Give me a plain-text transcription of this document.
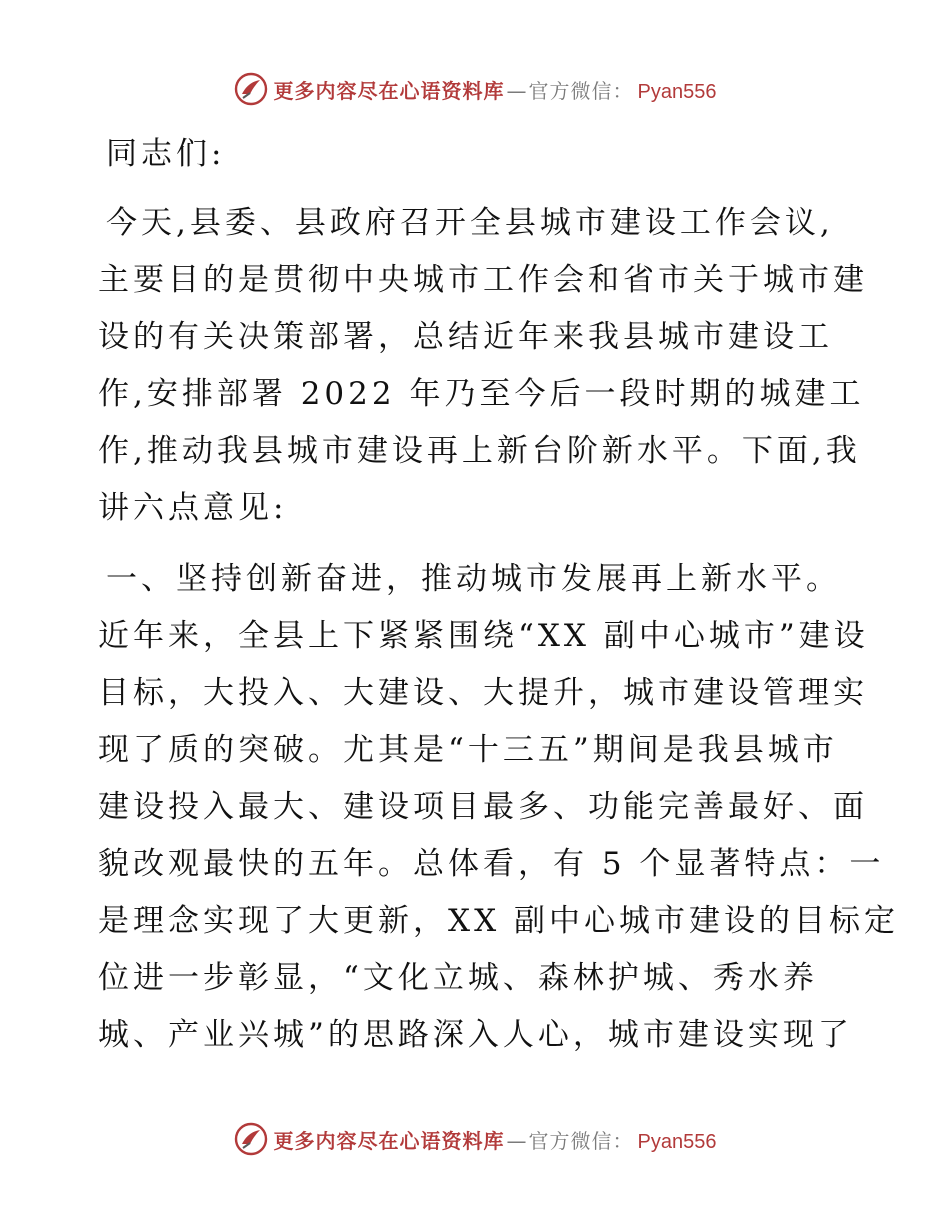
更多内容尽在心语资料库 — 官方微信： Pyan556
同志们:
今天,县委、县政府召开全县城市建设工作会议,
主要目的是贯彻中央城市工作会和省市关于城市建
设的有关决策部署，总结近年来我县城市建设工
作,安排部署 2022 年乃至今后一段时期的城建工
作,推动我县城市建设再上新台阶新水平。下面,我
讲六点意见:
一、坚持创新奋进，推动城市发展再上新水平。
近年来，全县上下紧紧围绕“XX 副中心城市”建设
目标，大投入、大建设、大提升，城市建设管理实
现了质的突破。尤其是“十三五”期间是我县城市
建设投入最大、建设项目最多、功能完善最好、面
貌改观最快的五年。总体看，有 5 个显著特点：一
是理念实现了大更新，XX 副中心城市建设的目标定
位进一步彰显，“文化立城、森林护城、秀水养
城、产业兴城”的思路深入人心，城市建设实现了
更多内容尽在心语资料库 — 官方微信： Pyan556
